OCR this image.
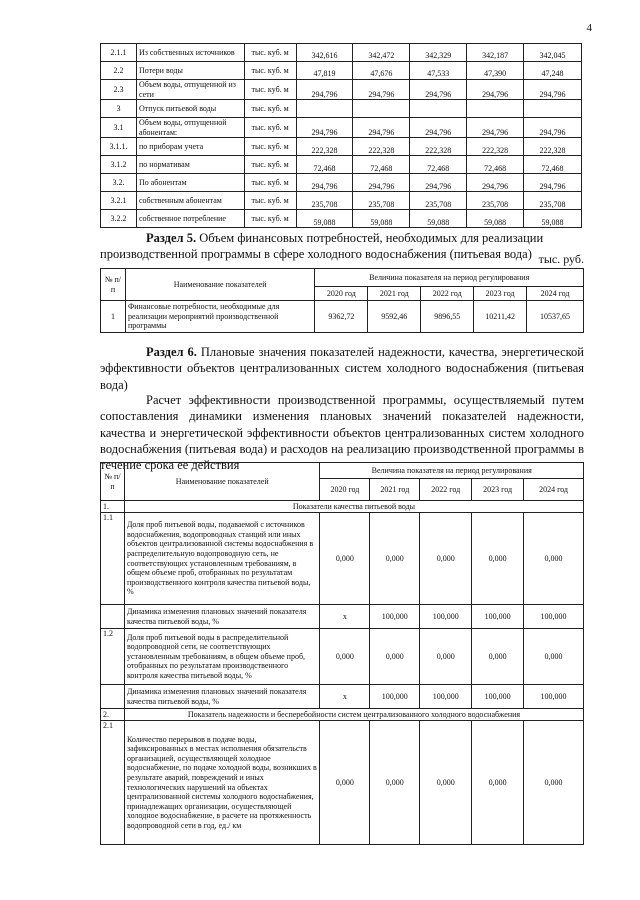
4
2.1.1	Из собственных источников	тыс. куб. м	342,616	342,472	342,329	342,187	342,045
2.2	Потери воды	тыс. куб. м	47,819	47,676	47,533	47,390	47,248
2.3	Объем воды, отпущенной из сети	тыс. куб. м	294,796	294,796	294,796	294,796	294,796
3	Отпуск питьевой воды	тыс. куб. м					
3.1	Объем воды, отпущенной абонентам:	тыс. куб. м	294,796	294,796	294,796	294,796	294,796
3.1.1.	по приборам учета	тыс. куб. м	222,328	222,328	222,328	222,328	222,328
3.1.2	по нормативам	тыс. куб. м	72,468	72,468	72,468	72,468	72,468
3.2.	По абонентам	тыс. куб. м	294,796	294,796	294,796	294,796	294,796
3.2.1	собственным абонентам	тыс. куб. м	235,708	235,708	235,708	235,708	235,708
3.2.2	собственное потребление	тыс. куб. м	59,088	59,088	59,088	59,088	59,088
Раздел 5. Объем финансовых потребностей, необходимых для реализации производственной программы в сфере холодного водоснабжения (питьевая вода) тыс. руб.
№ п/п	Наименование показателей	Величина показателя на период регулирования				
		2020 год	2021 год	2022 год	2023 год	2024 год
1	Финансовые потребности, необходимые для реализации мероприятий производственной программы	9362,72	9592,46	9896,55	10211,42	10537,65
Раздел 6. Плановые значения показателей надежности, качества, энергетической эффективности объектов централизованных систем холодного водоснабжения (питьевая вода)
Расчет эффективности производственной программы, осуществляемый путем сопоставления динамики изменения плановых значений показателей надежности, качества и энергетической эффективности объектов централизованных систем холодного водоснабжения (питьевая вода) и расходов на реализацию производственной программы в течение срока ее действия
№ п/п	Наименование показателей	Величина показателя на период регулирования				
		2020 год	2021 год	2022 год	2023 год	2024 год
1.	Показатели качества питьевой воды					
1.1	Доля проб питьевой воды, подаваемой с источников водоснабжения, водопроводных станций или иных объектов централизованной системы водоснабжения в распределительную водопроводную сеть, не соответствующих установленным требованиям, в общем объеме проб, отобранных по результатам производственного контроля качества питьевой воды, %	0,000	0,000	0,000	0,000	0,000
	Динамика изменения плановых значений показателя качества питьевой воды, %	x	100,000	100,000	100,000	100,000
1.2	Доля проб питьевой воды в распределительной водопроводной сети, не соответствующих установленным требованиям, в общем объеме проб, отобранных по результатам производственного контроля качества питьевой воды, %	0,000	0,000	0,000	0,000	0,000
	Динамика изменения плановых значений показателя качества питьевой воды, %	x	100,000	100,000	100,000	100,000
2.	Показатель надежности и бесперебойности систем централизованного холодного водоснабжения					
2.1	Количество перерывов в подаче воды, зафиксированных в местах исполнения обязательств организацией, осуществляющей холодное водоснабжение, по подаче холодной воды, возникших в результате аварий, повреждений и иных технологических нарушений на объектах централизованной системы холодного водоснабжения, принадлежащих организации, осуществляющей холодное водоснабжение, в расчете на протяженность водопроводной сети в год, ед./ км	0,000	0,000	0,000	0,000	0,000
